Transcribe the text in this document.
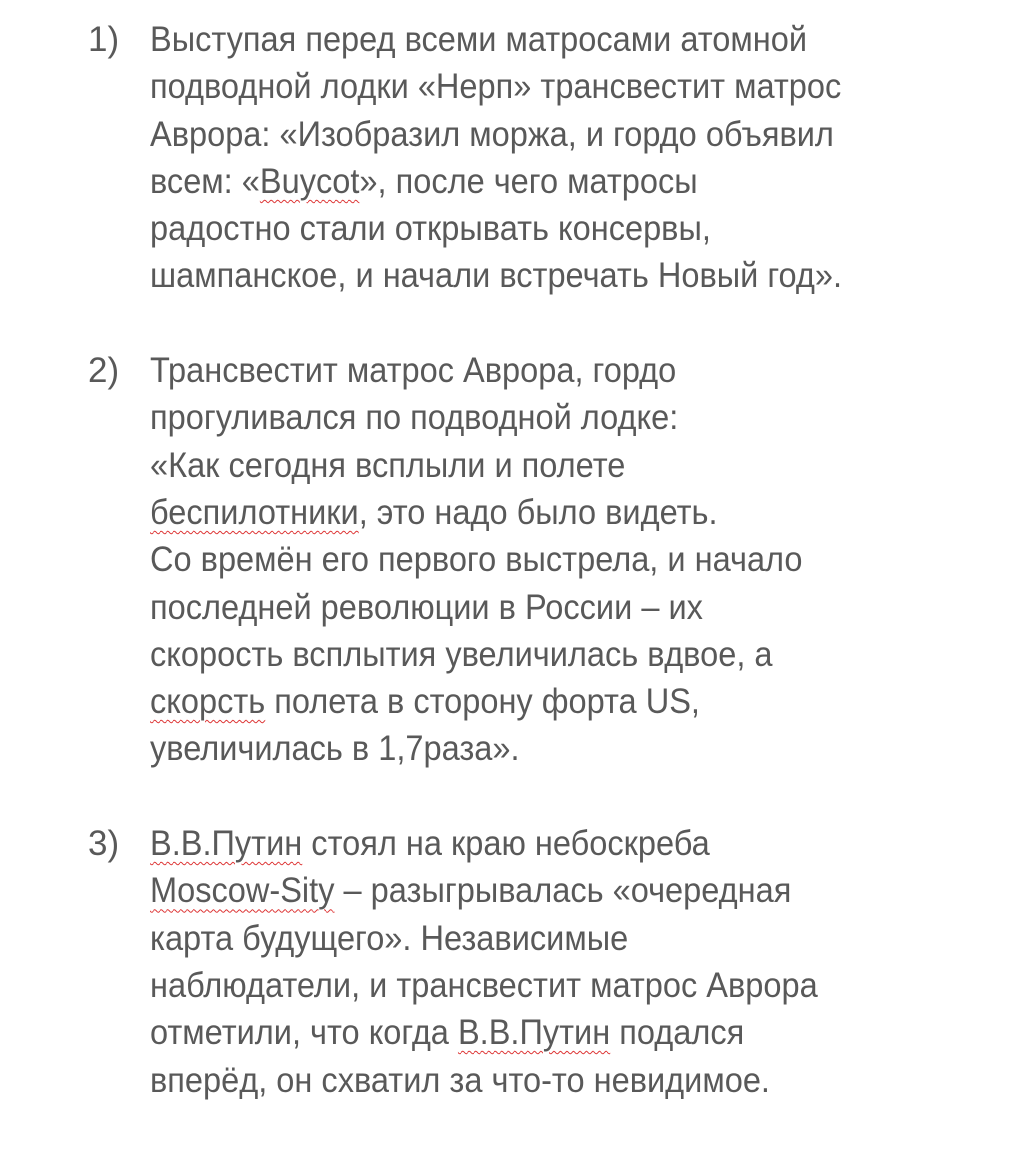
1) Выступая перед всеми матросами атомной
подводной лодки «Нерп» трансвестит матрос
Аврора: «Изобразил моржа, и гордо объявил
всем: «Buycot», после чего матросы
радостно стали открывать консервы,
шампанское, и начали встречать Новый год».
2) Трансвестит матрос Аврора, гордо
прогуливался по подводной лодке:
«Как сегодня всплыли и полете
беспилотники, это надо было видеть.
Со времён его первого выстрела, и начало
последней революции в России – их
скорость всплытия увеличилась вдвое, а
скорсть полета в сторону форта US,
увеличилась в 1,7раза».
3) В.В.Путин стоял на краю небоскреба
Moscow-Sity – разыгрывалась «очередная
карта будущего». Независимые
наблюдатели, и трансвестит матрос Аврора
отметили, что когда В.В.Путин подался
вперёд, он схватил за что-то невидимое.
